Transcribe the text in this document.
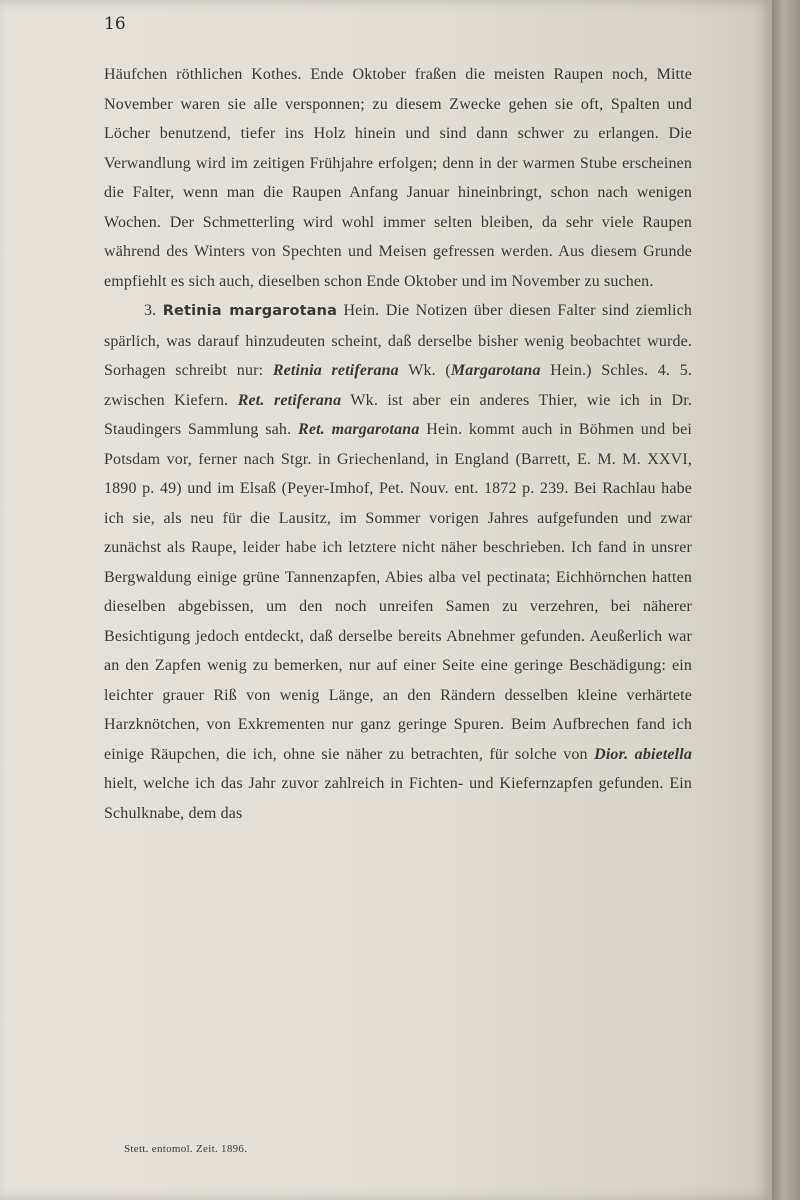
16

Häufchen röthlichen Kothes. Ende Oktober fraßen die meisten Raupen noch, Mitte November waren sie alle versponnen; zu diesem Zwecke gehen sie oft, Spalten und Löcher benutzend, tiefer ins Holz hinein und sind dann schwer zu erlangen. Die Verwandlung wird im zeitigen Frühjahre erfolgen; denn in der warmen Stube erscheinen die Falter, wenn man die Raupen Anfang Januar hineinbringt, schon nach wenigen Wochen. Der Schmetterling wird wohl immer selten bleiben, da sehr viele Raupen während des Winters von Spechten und Meisen gefressen werden. Aus diesem Grunde empfiehlt es sich auch, dieselben schon Ende Oktober und im November zu suchen.

3. Retinia margarotana Hein. Die Notizen über diesen Falter sind ziemlich spärlich, was darauf hinzudeuten scheint, daß derselbe bisher wenig beobachtet wurde. Sorhagen schreibt nur: Retinia retiferana Wk. (Margarotana Hein.) Schles. 4. 5. zwischen Kiefern. Ret. retiferana Wk. ist aber ein anderes Thier, wie ich in Dr. Staudingers Sammlung sah. Ret. margarotana Hein. kommt auch in Böhmen und bei Potsdam vor, ferner nach Stgr. in Griechenland, in England (Barrett, E. M. M. XXVI, 1890 p. 49) und im Elsaß (Peyer-Imhof, Pet. Nouv. ent. 1872 p. 239. Bei Rachlau habe ich sie, als neu für die Lausitz, im Sommer vorigen Jahres aufgefunden und zwar zunächst als Raupe, leider habe ich letztere nicht näher beschrieben. Ich fand in unsrer Bergwaldung einige grüne Tannenzapfen, Abies alba vel pectinata; Eichhörnchen hatten dieselben abgebissen, um den noch unreifen Samen zu verzehren, bei näherer Besichtigung jedoch entdeckt, daß derselbe bereits Abnehmer gefunden. Aeußerlich war an den Zapfen wenig zu bemerken, nur auf einer Seite eine geringe Beschädigung: ein leichter grauer Riß von wenig Länge, an den Rändern desselben kleine verhärtete Harzknötchen, von Exkrementen nur ganz geringe Spuren. Beim Aufbrechen fand ich einige Räupchen, die ich, ohne sie näher zu betrachten, für solche von Dior. abietella hielt, welche ich das Jahr zuvor zahlreich in Fichten- und Kiefernzapfen gefunden. Ein Schulknabe, dem das

Stett. entomol. Zeit. 1896.
